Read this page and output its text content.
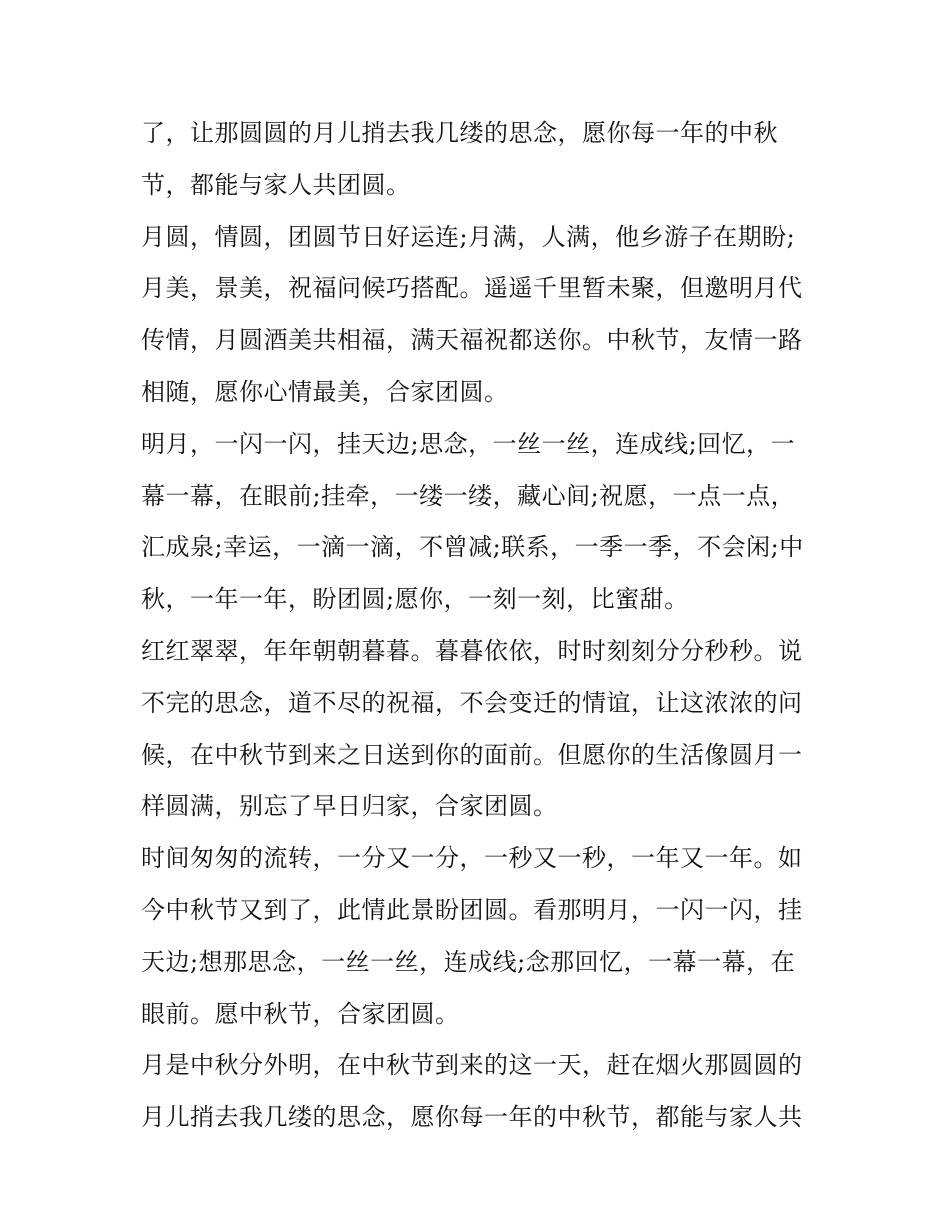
了，让那圆圆的月儿捎去我几缕的思念，愿你每一年的中秋
节，都能与家人共团圆。
月圆，情圆，团圆节日好运连;月满，人满，他乡游子在期盼;
月美，景美，祝福问候巧搭配。遥遥千里暂未聚，但邀明月代
传情，月圆酒美共相福，满天福祝都送你。中秋节，友情一路
相随，愿你心情最美，合家团圆。
明月，一闪一闪，挂天边;思念，一丝一丝，连成线;回忆，一
幕一幕，在眼前;挂牵，一缕一缕，藏心间;祝愿，一点一点，
汇成泉;幸运，一滴一滴，不曾减;联系，一季一季，不会闲;中
秋，一年一年，盼团圆;愿你，一刻一刻，比蜜甜。
红红翠翠，年年朝朝暮暮。暮暮依依，时时刻刻分分秒秒。说
不完的思念，道不尽的祝福，不会变迁的情谊，让这浓浓的问
候，在中秋节到来之日送到你的面前。但愿你的生活像圆月一
样圆满，别忘了早日归家，合家团圆。
时间匆匆的流转，一分又一分，一秒又一秒，一年又一年。如
今中秋节又到了，此情此景盼团圆。看那明月，一闪一闪，挂
天边;想那思念，一丝一丝，连成线;念那回忆，一幕一幕，在
眼前。愿中秋节，合家团圆。
月是中秋分外明，在中秋节到来的这一天，赶在烟火那圆圆的
月儿捎去我几缕的思念，愿你每一年的中秋节，都能与家人共
